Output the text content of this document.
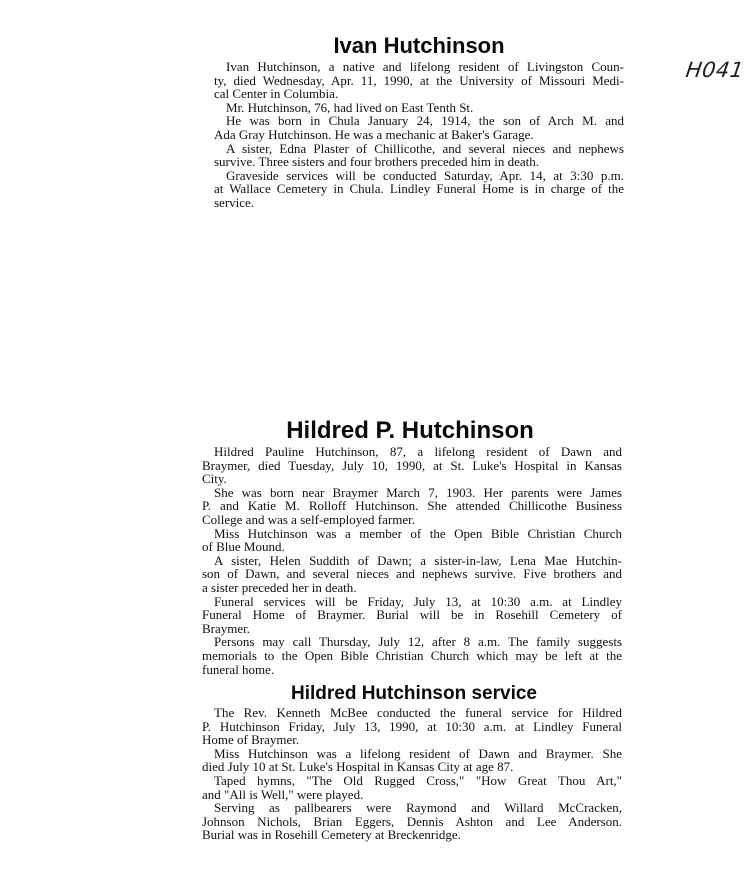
H041
Ivan Hutchinson
Ivan Hutchinson, a native and lifelong resident of Livingston Coun-
ty, died Wednesday, Apr. 11, 1990, at the University of Missouri Medi-
cal Center in Columbia.
Mr. Hutchinson, 76, had lived on East Tenth St.
He was born in Chula January 24, 1914, the son of Arch M. and
Ada Gray Hutchinson. He was a mechanic at Baker's Garage.
A sister, Edna Plaster of Chillicothe, and several nieces and nephews
survive. Three sisters and four brothers preceded him in death.
Graveside services will be conducted Saturday, Apr. 14, at 3:30 p.m.
at Wallace Cemetery in Chula. Lindley Funeral Home is in charge of the
service.
Hildred P. Hutchinson
Hildred Pauline Hutchinson, 87, a lifelong resident of Dawn and
Braymer, died Tuesday, July 10, 1990, at St. Luke's Hospital in Kansas
City.
She was born near Braymer March 7, 1903. Her parents were James
P. and Katie M. Rolloff Hutchinson. She attended Chillicothe Business
College and was a self-employed farmer.
Miss Hutchinson was a member of the Open Bible Christian Church
of Blue Mound.
A sister, Helen Suddith of Dawn; a sister-in-law, Lena Mae Hutchin-
son of Dawn, and several nieces and nephews survive. Five brothers and
a sister preceded her in death.
Funeral services will be Friday, July 13, at 10:30 a.m. at Lindley
Funeral Home of Braymer. Burial will be in Rosehill Cemetery of
Braymer.
Persons may call Thursday, July 12, after 8 a.m. The family suggests
memorials to the Open Bible Christian Church which may be left at the
funeral home.
Hildred Hutchinson service
The Rev. Kenneth McBee conducted the funeral service for Hildred
P. Hutchinson Friday, July 13, 1990, at 10:30 a.m. at Lindley Funeral
Home of Braymer.
Miss Hutchinson was a lifelong resident of Dawn and Braymer. She
died July 10 at St. Luke's Hospital in Kansas City at age 87.
Taped hymns, "The Old Rugged Cross," "How Great Thou Art,"
and "All is Well," were played.
Serving as pallbearers were Raymond and Willard McCracken,
Johnson Nichols, Brian Eggers, Dennis Ashton and Lee Anderson.
Burial was in Rosehill Cemetery at Breckenridge.
